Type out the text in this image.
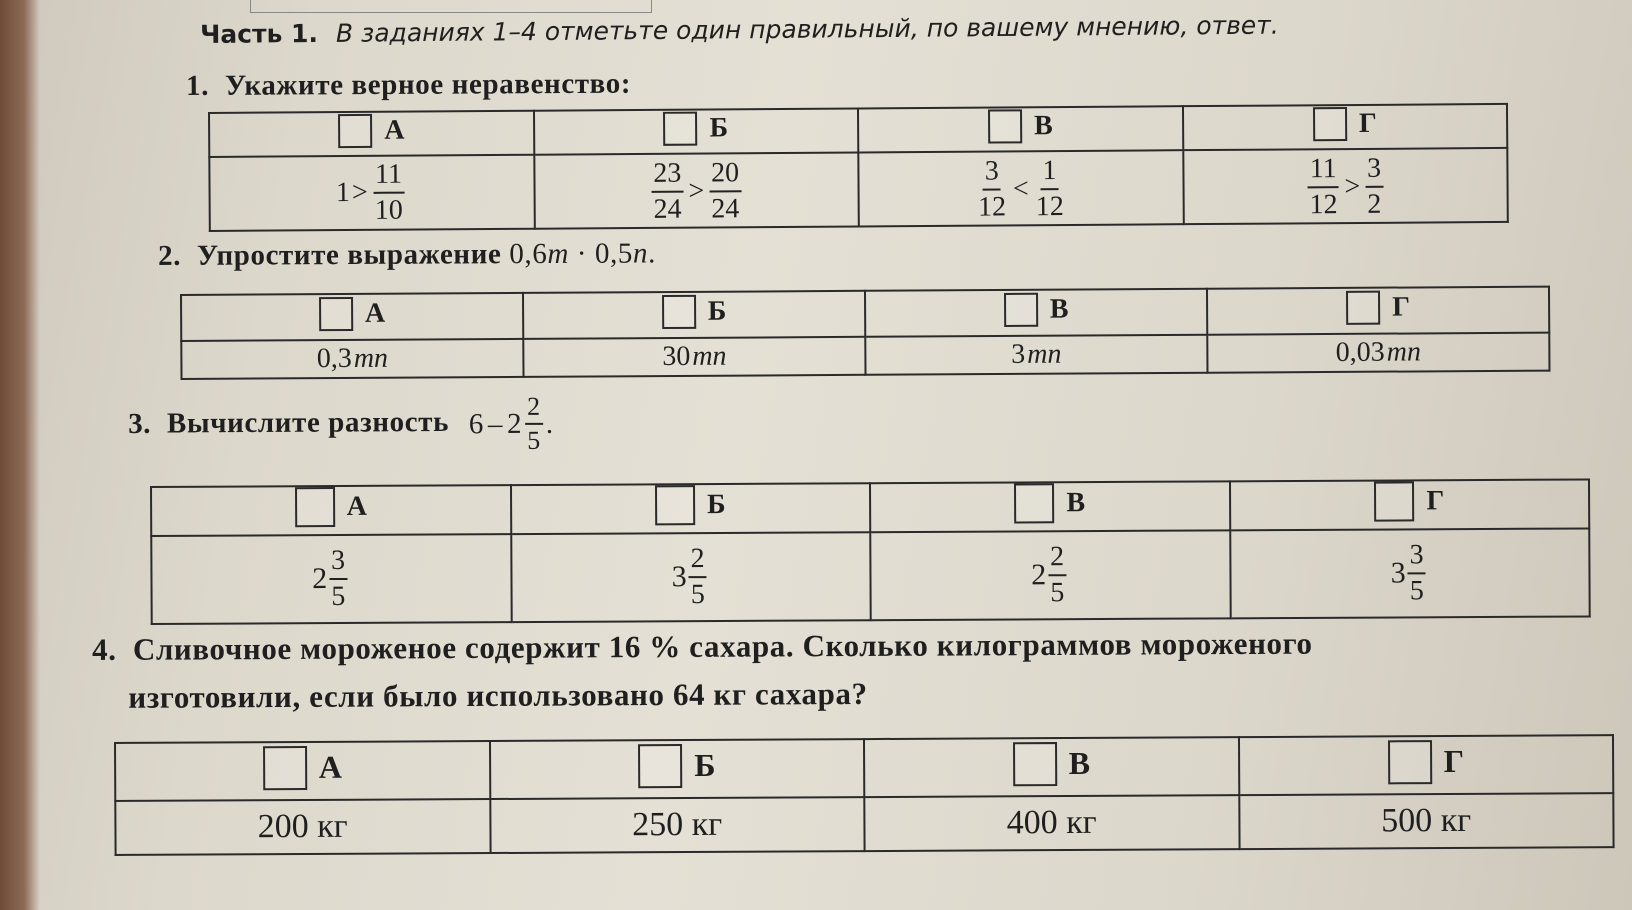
Часть 1. В заданиях 1–4 отметьте один правильный, по вашему мнению, ответ.
1. Укажите верное неравенство:
А	Б	В	Г

$1 > \frac{11}{10}$	$\frac{23}{24} > \frac{20}{24}$	$\frac{3}{12} < \frac{1}{12}$	$\frac{11}{12} > \frac{3}{2}$
2. Упростите выражение 0,6m · 0,5n.
А	Б	В	Г

0,3 mn	30 mn	3 mn	0,03 mn
3. Вычислите разность $6 - 2 \frac{2}{5}$ .
А	Б	В	Г

$2 \frac{3}{5}$	$3 \frac{2}{5}$	$2 \frac{2}{5}$	$3 \frac{3}{5}$
4. Сливочное мороженое содержит 16 % сахара. Сколько килограммов мороженого
изготовили, если было использовано 64 кг сахара?
А	Б	В	Г

200 кг	250 кг	400 кг	500 кг
